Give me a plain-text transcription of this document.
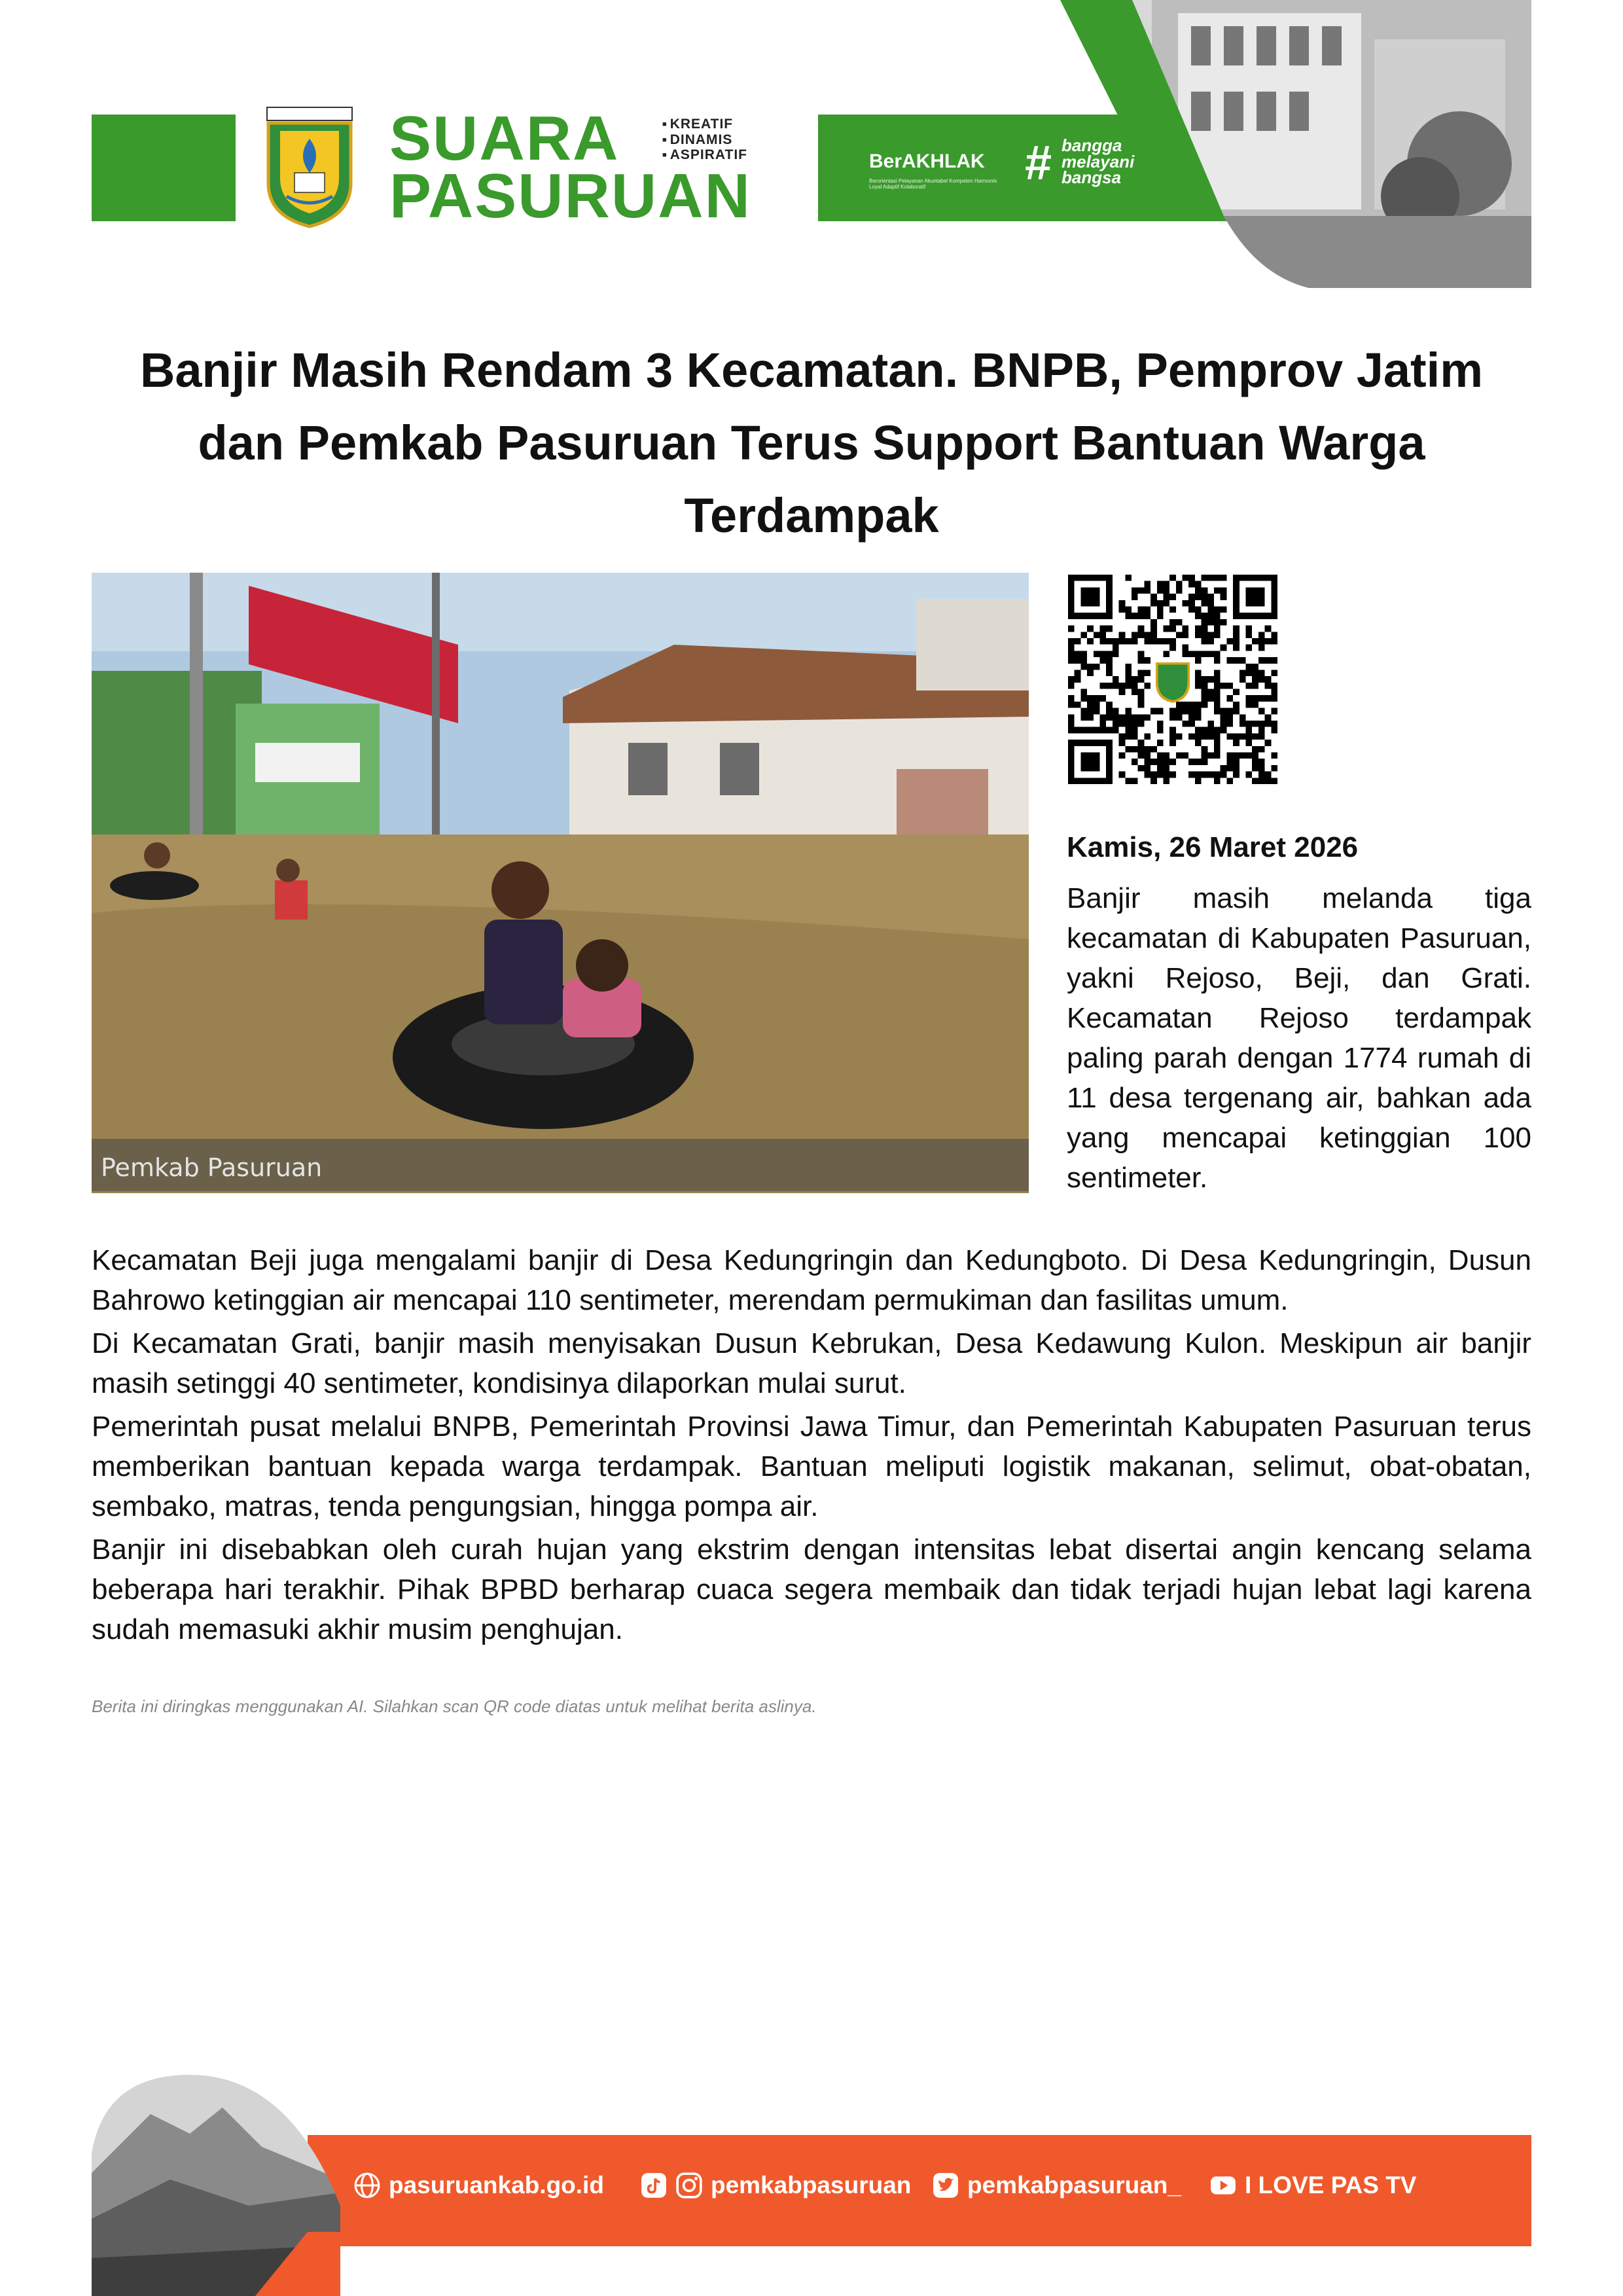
SUARA
PASURUAN
■ KREATIF
■ DINAMIS
■ ASPIRATIF	BerAKHLAK
Berorientasi Pelayanan Akuntabel Kompeten Harmonis Loyal Adaptif Kolaboratif	# bangga
melayani
bangsa
Banjir Masih Rendam 3 Kecamatan. BNPB, Pemprov Jatim dan Pemkab Pasuruan Terus Support Bantuan Warga Terdampak
Pemkab Pasuruan
Kamis, 26 Maret 2026
Banjir masih melanda tiga kecamatan di Kabupaten Pasuruan, yakni Rejoso, Beji, dan Grati. Kecamatan Rejoso terdampak paling parah dengan 1774 rumah di 11 desa tergenang air, bahkan ada yang mencapai ketinggian 100 sentimeter.

Kecamatan Beji juga mengalami banjir di Desa Kedungringin dan Kedungboto. Di Desa Kedungringin, Dusun Bahrowo ketinggian air mencapai 110 sentimeter, merendam permukiman dan fasilitas umum.

Di Kecamatan Grati, banjir masih menyisakan Dusun Kebrukan, Desa Kedawung Kulon. Meskipun air banjir masih setinggi 40 sentimeter, kondisinya dilaporkan mulai surut.

Pemerintah pusat melalui BNPB, Pemerintah Provinsi Jawa Timur, dan Pemerintah Kabupaten Pasuruan terus memberikan bantuan kepada warga terdampak. Bantuan meliputi logistik makanan, selimut, obat-obatan, sembako, matras, tenda pengungsian, hingga pompa air.

Banjir ini disebabkan oleh curah hujan yang ekstrim dengan intensitas lebat disertai angin kencang selama beberapa hari terakhir. Pihak BPBD berharap cuaca segera membaik dan tidak terjadi hujan lebat lagi karena sudah memasuki akhir musim penghujan.

Berita ini diringkas menggunakan AI. Silahkan scan QR code diatas untuk melihat berita aslinya.
pasuruankab.go.id	pemkabpasuruan pemkabpasuruan_	I LOVE PAS TV
